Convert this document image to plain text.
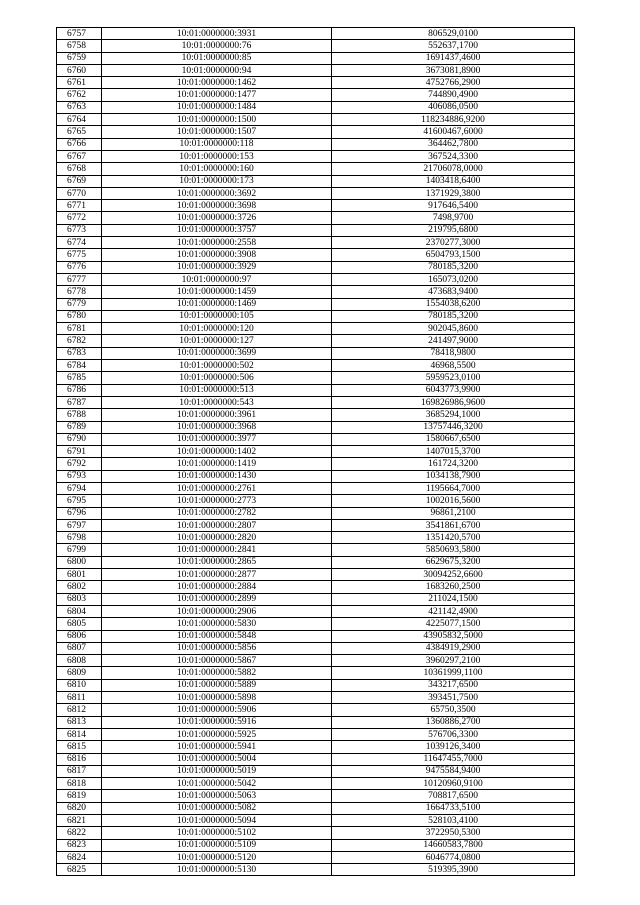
6757	10:01:0000000:3931	806529,0100
6758	10:01:0000000:76	552637,1700
6759	10:01:0000000:85	1691437,4600
6760	10:01:0000000:94	3673081,8900
6761	10:01:0000000:1462	4752766,2900
6762	10:01:0000000:1477	744890,4900
6763	10:01:0000000:1484	406086,0500
6764	10:01:0000000:1500	118234886,9200
6765	10:01:0000000:1507	41600467,6000
6766	10:01:0000000:118	364462,7800
6767	10:01:0000000:153	367524,3300
6768	10:01:0000000:160	21706078,0000
6769	10:01:0000000:173	1403418,6400
6770	10:01:0000000:3692	1371929,3800
6771	10:01:0000000:3698	917646,5400
6772	10:01:0000000:3726	7498,9700
6773	10:01:0000000:3757	219795,6800
6774	10:01:0000000:2558	2370277,3000
6775	10:01:0000000:3908	6504793,1500
6776	10:01:0000000:3929	780185,3200
6777	10:01:0000000:97	165073,0200
6778	10:01:0000000:1459	473683,9400
6779	10:01:0000000:1469	1554038,6200
6780	10:01:0000000:105	780185,3200
6781	10:01:0000000:120	902045,8600
6782	10:01:0000000:127	241497,9000
6783	10:01:0000000:3699	78418,9800
6784	10:01:0000000:502	46968,5500
6785	10:01:0000000:506	5959523,0100
6786	10:01:0000000:513	6043773,9900
6787	10:01:0000000:543	169826986,9600
6788	10:01:0000000:3961	3685294,1000
6789	10:01:0000000:3968	13757446,3200
6790	10:01:0000000:3977	1580667,6500
6791	10:01:0000000:1402	1407015,3700
6792	10:01:0000000:1419	161724,3200
6793	10:01:0000000:1430	1034138,7900
6794	10:01:0000000:2761	1195664,7000
6795	10:01:0000000:2773	1002016,5600
6796	10:01:0000000:2782	96861,2100
6797	10:01:0000000:2807	3541861,6700
6798	10:01:0000000:2820	1351420,5700
6799	10:01:0000000:2841	5850693,5800
6800	10:01:0000000:2865	6629675,3200
6801	10:01:0000000:2877	30094252,6600
6802	10:01:0000000:2884	1683260,2500
6803	10:01:0000000:2899	211024,1500
6804	10:01:0000000:2906	421142,4900
6805	10:01:0000000:5830	4225077,1500
6806	10:01:0000000:5848	43905832,5000
6807	10:01:0000000:5856	4384919,2900
6808	10:01:0000000:5867	3960297,2100
6809	10:01:0000000:5882	10361999,1100
6810	10:01:0000000:5889	343217,6500
6811	10:01:0000000:5898	393451,7500
6812	10:01:0000000:5906	65750,3500
6813	10:01:0000000:5916	1360886,2700
6814	10:01:0000000:5925	576706,3300
6815	10:01:0000000:5941	1039126,3400
6816	10:01:0000000:5004	11647455,7000
6817	10:01:0000000:5019	9475584,9400
6818	10:01:0000000:5042	10120960,9100
6819	10:01:0000000:5063	708817,6500
6820	10:01:0000000:5082	1664733,5100
6821	10:01:0000000:5094	528103,4100
6822	10:01:0000000:5102	3722950,5300
6823	10:01:0000000:5109	14660583,7800
6824	10:01:0000000:5120	6046774,0800
6825	10:01:0000000:5130	519395,3900
